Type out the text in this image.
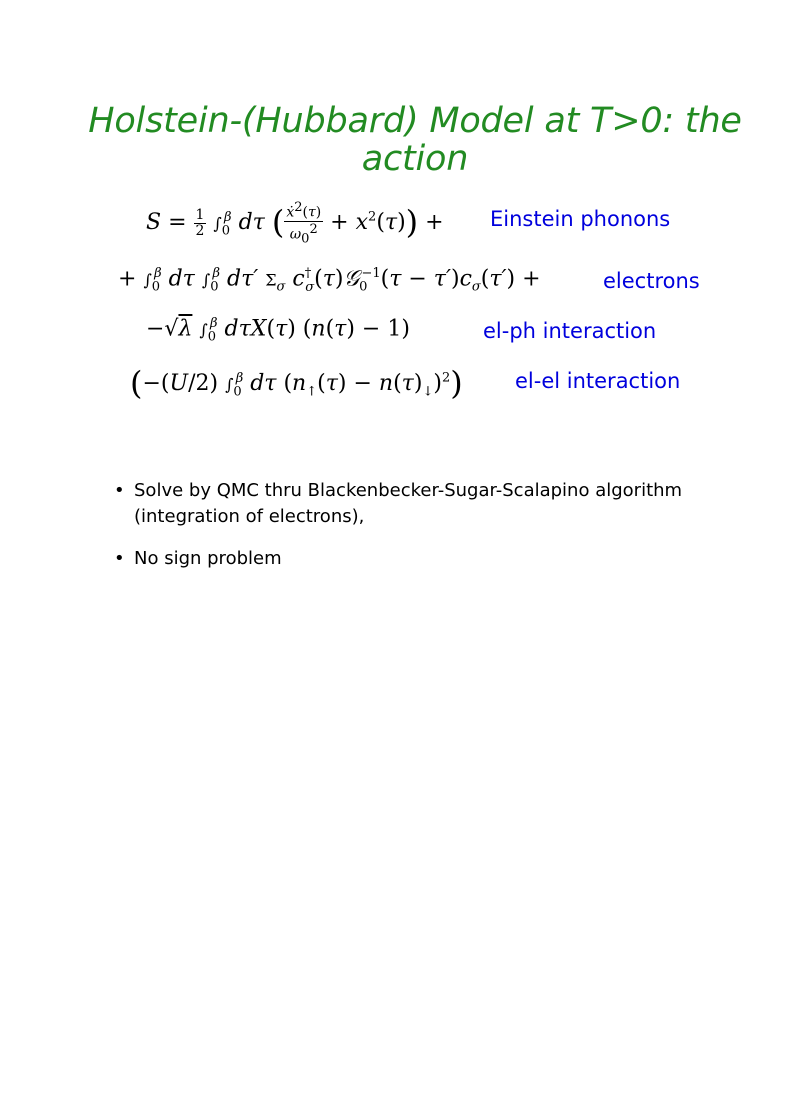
Holstein-(Hubbard) Model at T>0: the action
$S = \frac{1}{2} \int_0^\beta$ dτ ( $\frac{ẋ^2(\tau)}{\omega_0^2} + x^2(\tau)$) + Einstein phonons
+ $\int_0^\beta$ dτ $\int_0^\beta$ dτ′ $\Sigma_\sigma$ $c^\dagger_\sigma(\tau)𝒢_0^{-1}(\tau - \tau')c_\sigma(\tau')$ +	electrons
−√λ $\int_0^\beta$ dτX(τ) (n(τ) − 1)	el-ph interaction
(−(U/2) $\int_0^\beta$ dτ $(n_↑(\tau) - n(\tau)_↓)^2$) el-el interaction
• Solve by QMC thru Blackenbecker-Sugar-Scalapino algorithm (integration of electrons),
• No sign problem
